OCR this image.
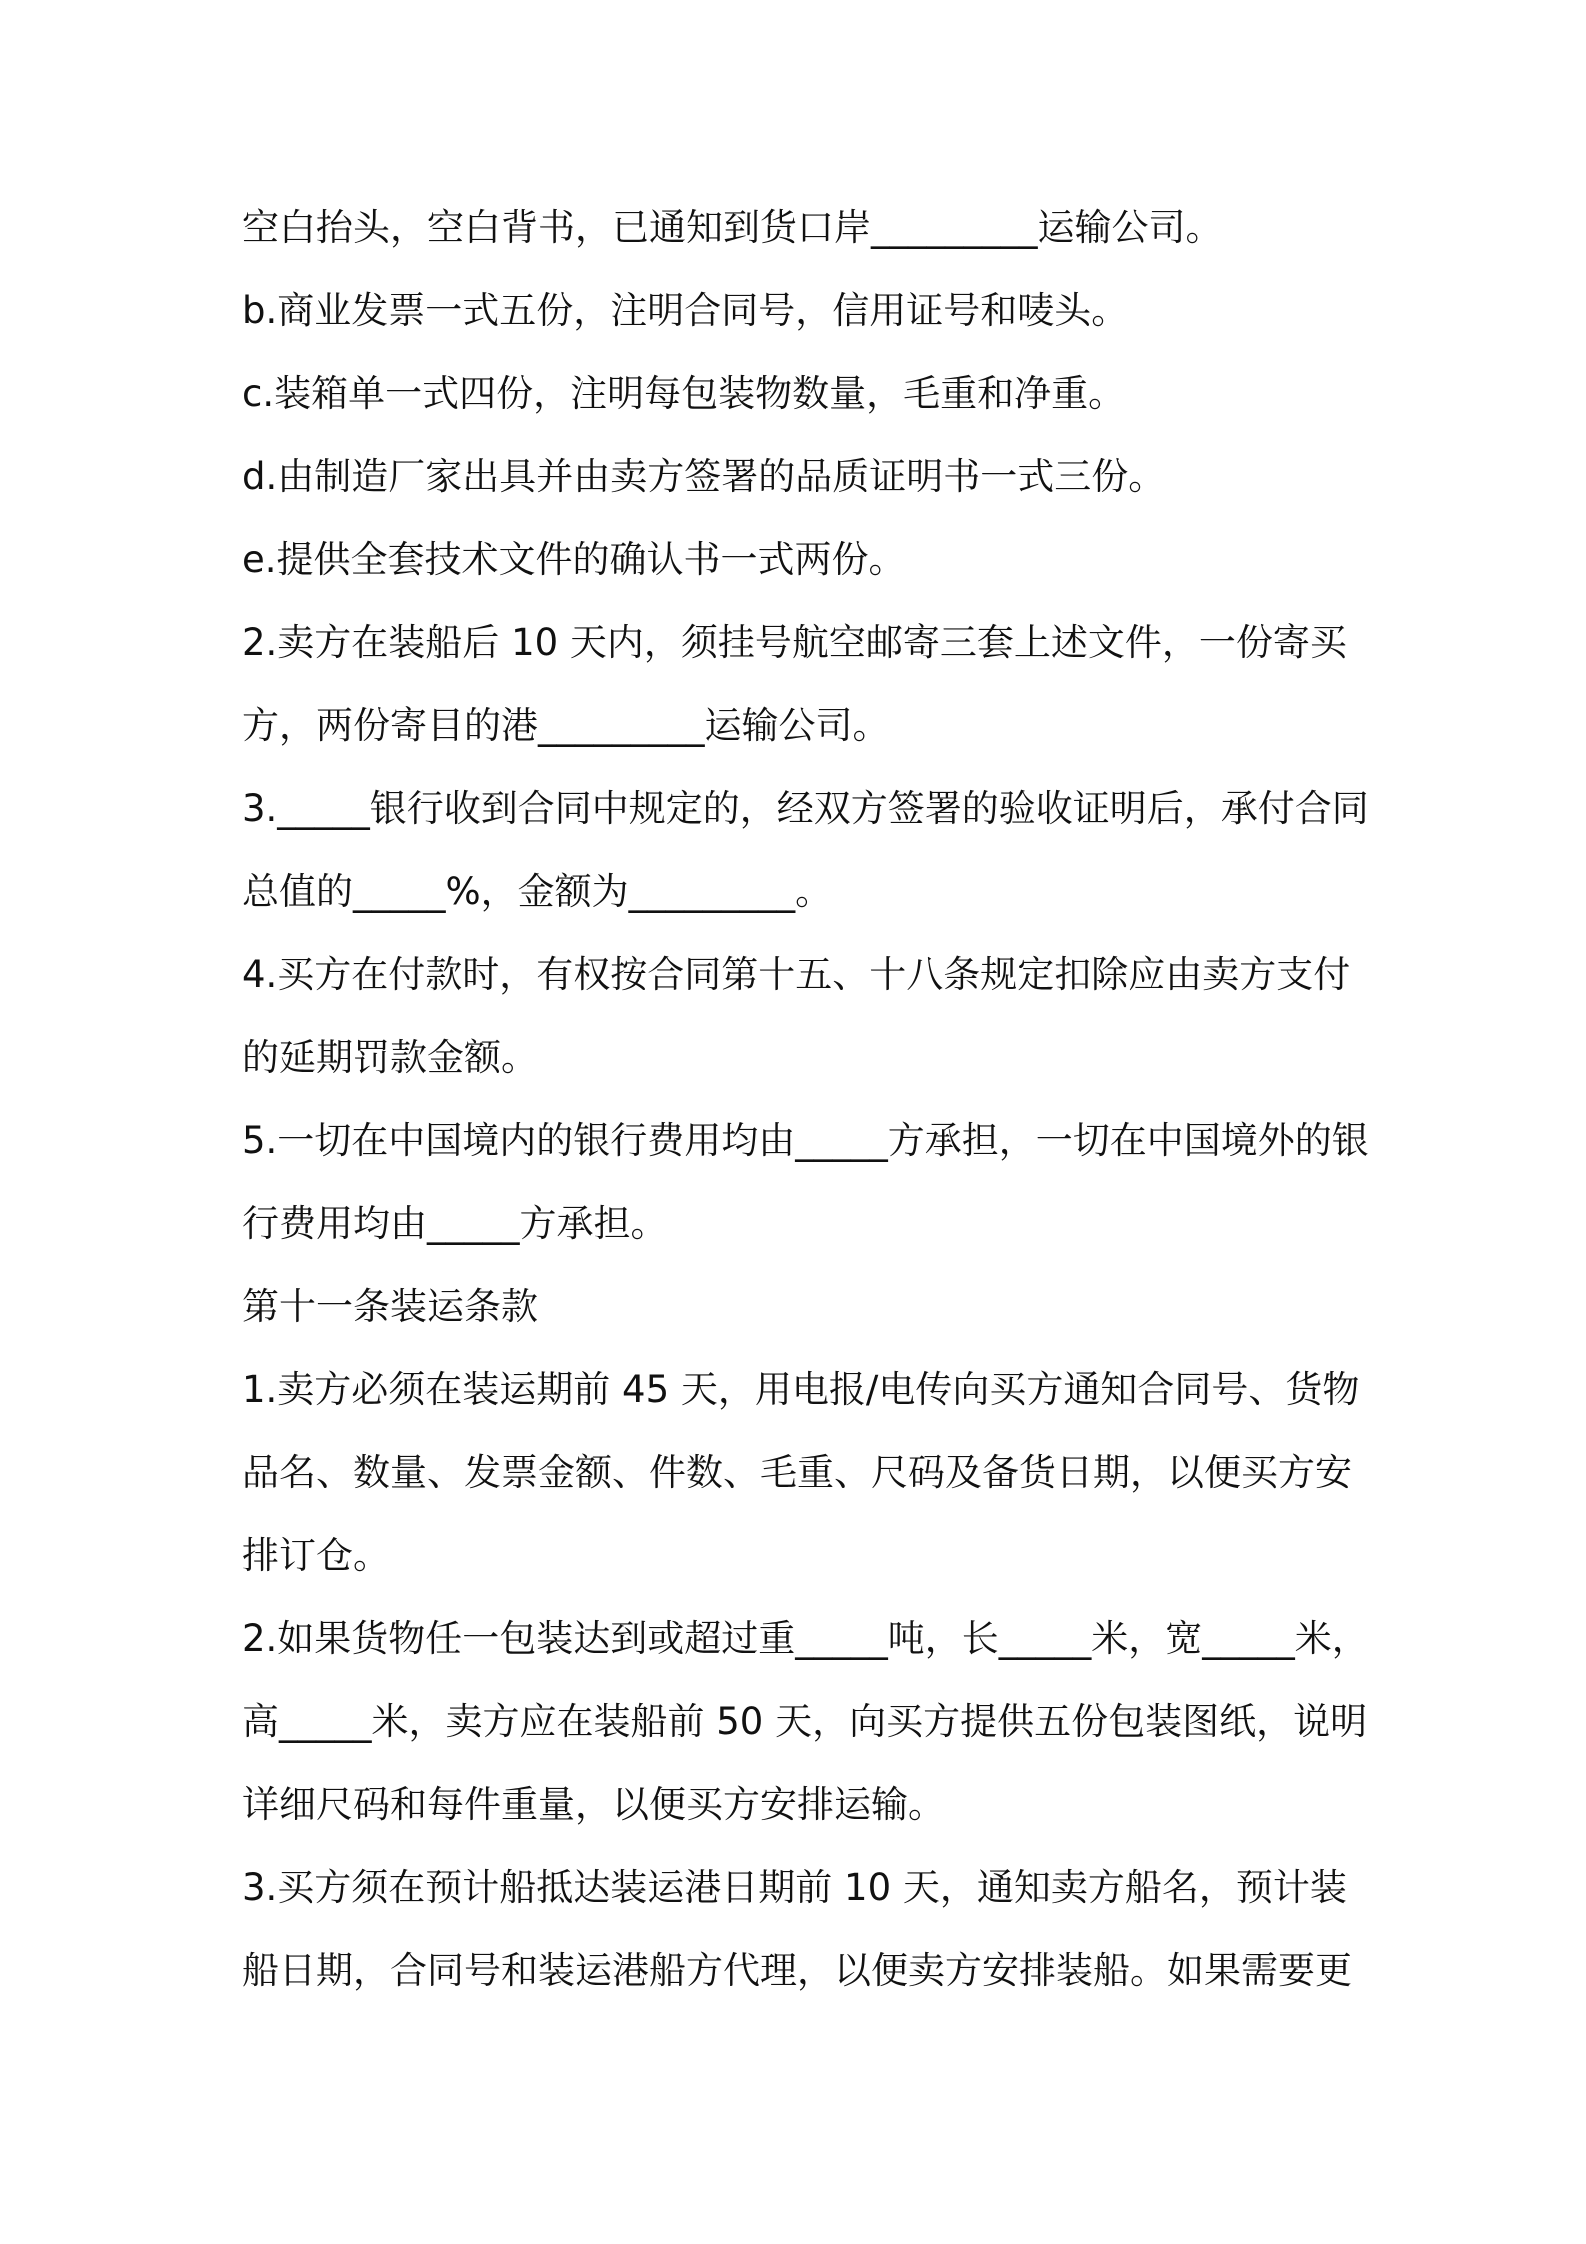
空白抬头，空白背书，已通知到货口岸_________运输公司。
b.商业发票一式五份，注明合同号，信用证号和唛头。
c.装箱单一式四份，注明每包装物数量，毛重和净重。
d.由制造厂家出具并由卖方签署的品质证明书一式三份。
e.提供全套技术文件的确认书一式两份。
2.卖方在装船后 10 天内，须挂号航空邮寄三套上述文件，一份寄买
方，两份寄目的港_________运输公司。
3._____银行收到合同中规定的，经双方签署的验收证明后，承付合同
总值的_____%，金额为_________。
4.买方在付款时，有权按合同第十五、十八条规定扣除应由卖方支付
的延期罚款金额。
5.一切在中国境内的银行费用均由_____方承担，一切在中国境外的银
行费用均由_____方承担。
第十一条装运条款
1.卖方必须在装运期前 45 天，用电报/电传向买方通知合同号、货物
品名、数量、发票金额、件数、毛重、尺码及备货日期，以便买方安
排订仓。
2.如果货物任一包装达到或超过重_____吨，长_____米，宽_____米，
高_____米，卖方应在装船前 50 天，向买方提供五份包装图纸，说明
详细尺码和每件重量，以便买方安排运输。
3.买方须在预计船抵达装运港日期前 10 天，通知卖方船名，预计装
船日期，合同号和装运港船方代理，以便卖方安排装船。如果需要更
